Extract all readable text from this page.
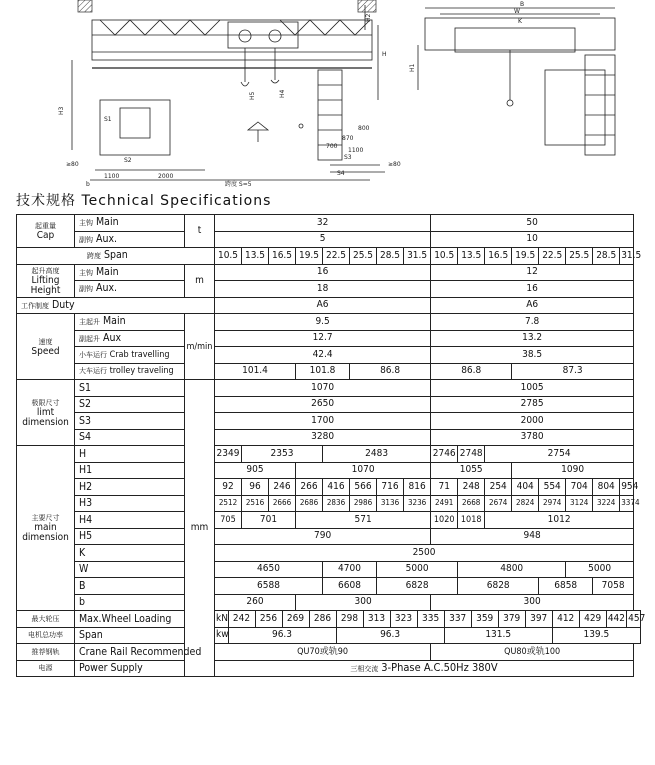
S1
S2
H3
H5	H4
H
H2
≥80	≥80
1100	2000
S3
S4
1100
700
870
800
b	跨度 S=5
B
W
K
H1
技术规格 Technical Specifications
起重量
Cap	主钩 Main	t	32																50															
	副钩 Aux.		5																10															
跨度 Span			10.5		13.5		16.5		19.5		22.5		25.5		28.5		31.5		10.5		13.5		16.5		19.5		22.5		25.5		28.5		31.5	

起升高度
Lifting
Height	主钩 Main	m	16																12															
	副钩 Aux.		18																16															
工作制度 Duty			A6																A6															

速度
Speed	主起升 Main	m/min	9.5																7.8															
	副起升 Aux		12.7																13.2															
	小车运行 Crab travelling		42.4																38.5															
	大车运行 trolley traveling		101.4						101.8				86.8						86.8						87.3									

极限尺寸
limt
dimension	S1	mm	1070																1005															
	S2		2650																2785															
	S3		1700																2000															
	S4		3280																3780															

主要尺寸
main
dimension	H		2349		2353						2483								2746		2748		2754											
	H1		905						1070										1055						1090									
	H2		92		96		246		266		416		566		716		816		71		248		254		404		554		704		804		954	
	H3		2512		2516		2666		2686		2836		2986		3136		3236		2491		2668		2674		2824		2974		3124		3224		3374	
	H4		705		701				571										1020		1018		1012											
	H5		790																948															
	K		2500																															
	W		4650								4700				5000						4800								5000					
	B		6588								6608				6828						6828						6858				7058			
	b		260						300										300															

最大轮压	Max.Wheel Loading		kN	242		256		269		286		298		313		323		335		337		359		379		397		412		429		442		457

电机总功率	Span		kw	96.3								96.3								131.5								139.5						

推荐钢轨	Crane Rail Recommended		QU70或轨90																QU80或轨100															

电源	Power Supply		三相交流 3-Phase A.C.50Hz 380V																															
